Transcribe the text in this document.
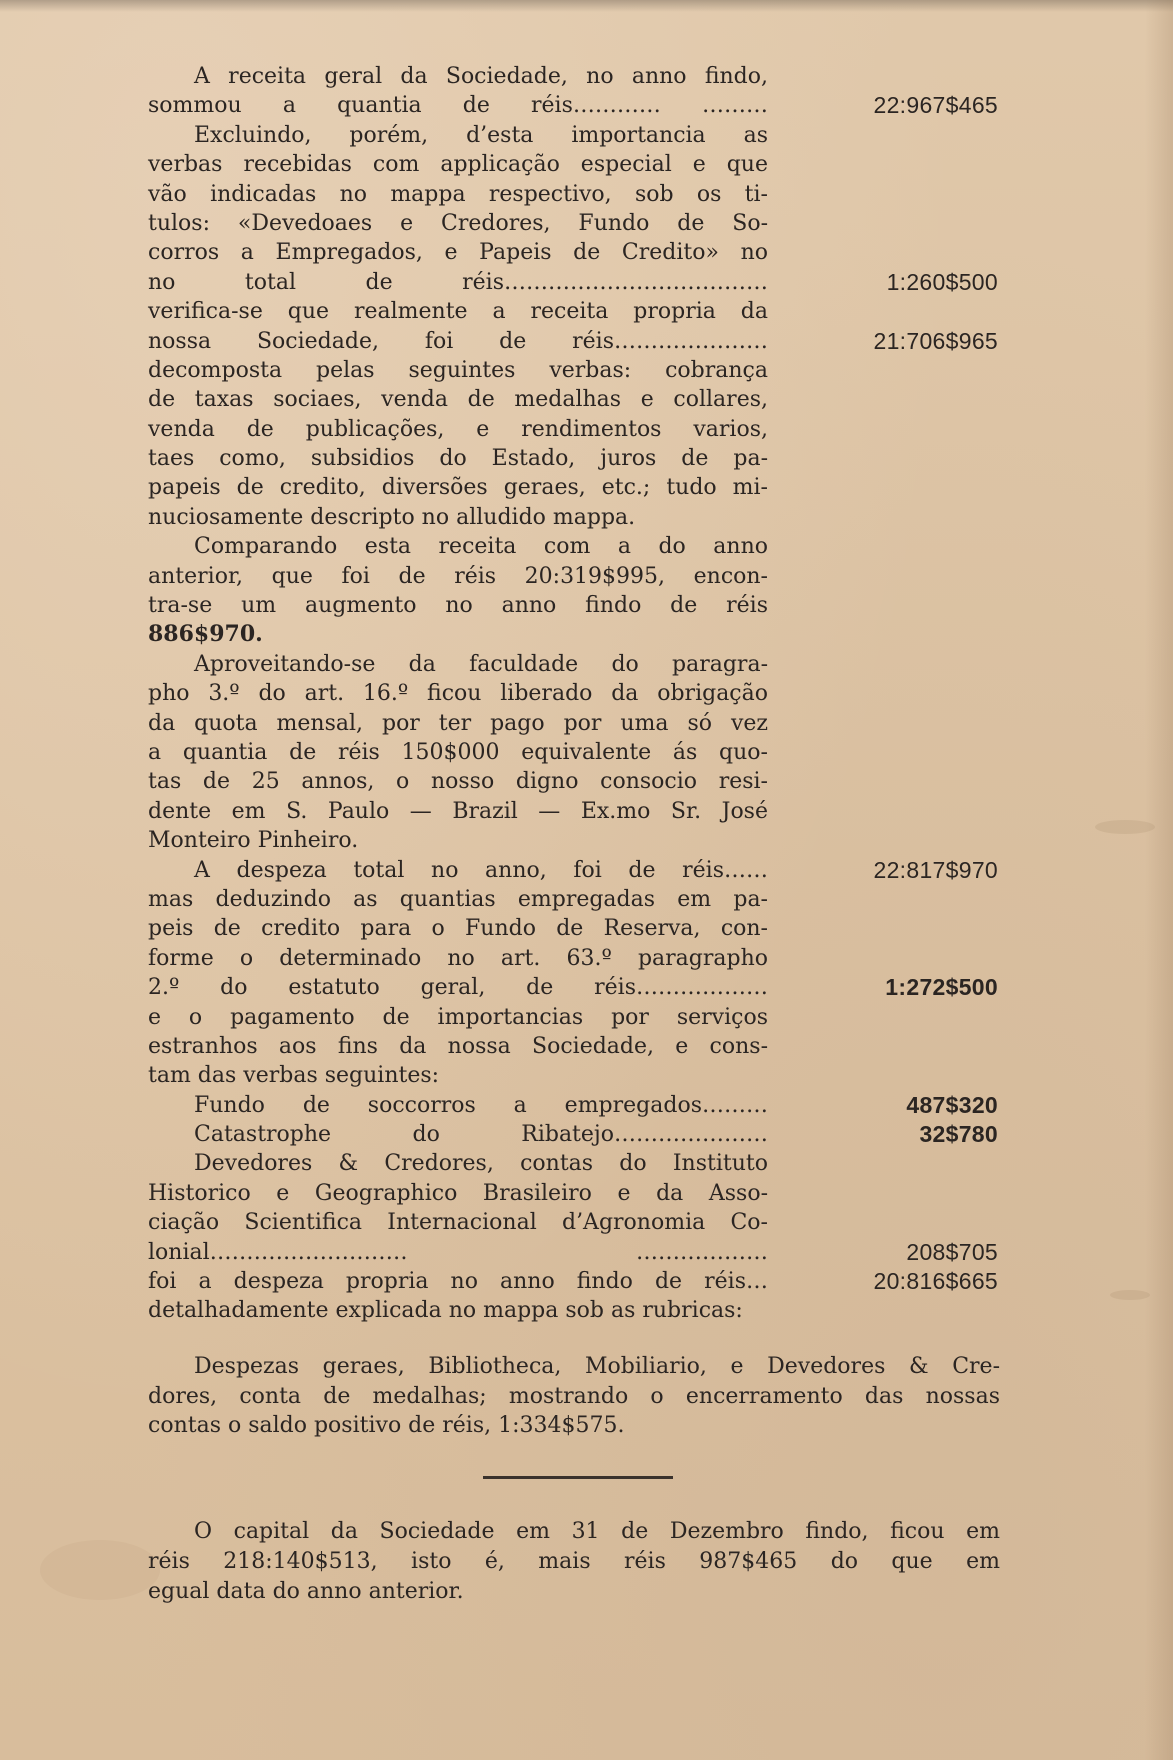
A receita geral da Sociedade, no anno findo,
sommou a quantia de réis………… ………	22:967$465
Excluindo, porém, d’esta importancia as
verbas recebidas com applicação especial e que
vão indicadas no mappa respectivo, sob os ti-
tulos: «Devedoaes e Credores, Fundo de So-
corros a Empregados, e Papeis de Credito» no
no total de réis………………………………	1:260$500
verifica-se que realmente a receita propria da
nossa Sociedade, foi de réis…………………	21:706$965
decomposta pelas seguintes verbas: cobrança
de taxas sociaes, venda de medalhas e collares,
venda de publicações, e rendimentos varios,
taes como, subsidios do Estado, juros de pa-
papeis de credito, diversões geraes, etc.; tudo mi-
nuciosamente descripto no alludido mappa.
Comparando esta receita com a do anno
anterior, que foi de réis 20:319$995, encon-
tra-se um augmento no anno findo de réis
886$970.
Aproveitando-se da faculdade do paragra-
pho 3.º do art. 16.º ficou liberado da obrigação
da quota mensal, por ter pago por uma só vez
a quantia de réis 150$000 equivalente ás quo-
tas de 25 annos, o nosso digno consocio resi-
dente em S. Paulo — Brazil — Ex.mo Sr. José
Monteiro Pinheiro.
A despeza total no anno, foi de réis……	22:817$970
mas deduzindo as quantias empregadas em pa-
peis de credito para o Fundo de Reserva, con-
forme o determinado no art. 63.º paragrapho
2.º do estatuto geral, de réis………………	1:272$500
e o pagamento de importancias por serviços
estranhos aos fins da nossa Sociedade, e cons-
tam das verbas seguintes:
Fundo de soccorros a empregados………	487$320
Catastrophe do Ribatejo…………………	32$780
Devedores & Credores, contas do Instituto
Historico e Geographico Brasileiro e da Asso-
ciação Scientifica Internacional d’Agronomia Co-
lonial……………………… ………………	208$705
foi a despeza propria no anno findo de réis…	20:816$665
detalhadamente explicada no mappa sob as rubricas:
Despezas geraes, Bibliotheca, Mobiliario, e Devedores & Cre-
dores, conta de medalhas; mostrando o encerramento das nossas
contas o saldo positivo de réis, 1:334$575.
O capital da Sociedade em 31 de Dezembro findo, ficou em
réis 218:140$513, isto é, mais réis 987$465 do que em
egual data do anno anterior.
